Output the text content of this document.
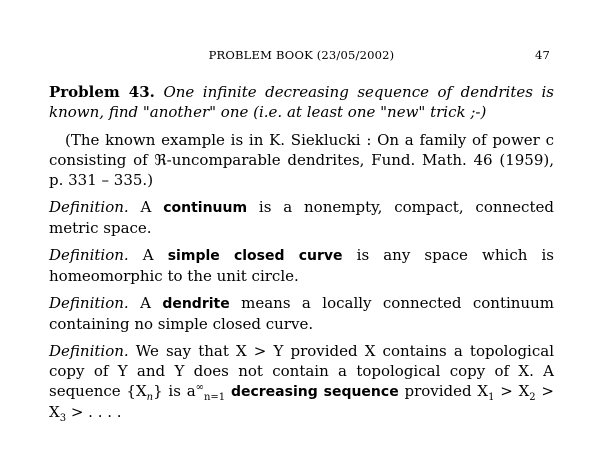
PROBLEM BOOK (23/05/2002)	47

Problem 43. One infinite decreasing sequence of dendrites is known, find "another" one (i.e. at least one "new" trick ;-)

(The known example is in K. Sieklucki : On a family of power c consisting of ℜ-uncomparable dendrites, Fund. Math. 46 (1959), p. 331 – 335.)

Definition. A continuum is a nonempty, compact, connected metric space.

Definition. A simple closed curve is any space which is homeomorphic to the unit circle.

Definition. A dendrite means a locally connected continuum containing no simple closed curve.

Definition. We say that X > Y provided X contains a topological copy of Y and Y does not contain a topological copy of X. A sequence $\{X_n\}$ is $a^\infty_{n=1}$ decreasing sequence provided $X_1 > X_2 > X_3$ > . . . .
